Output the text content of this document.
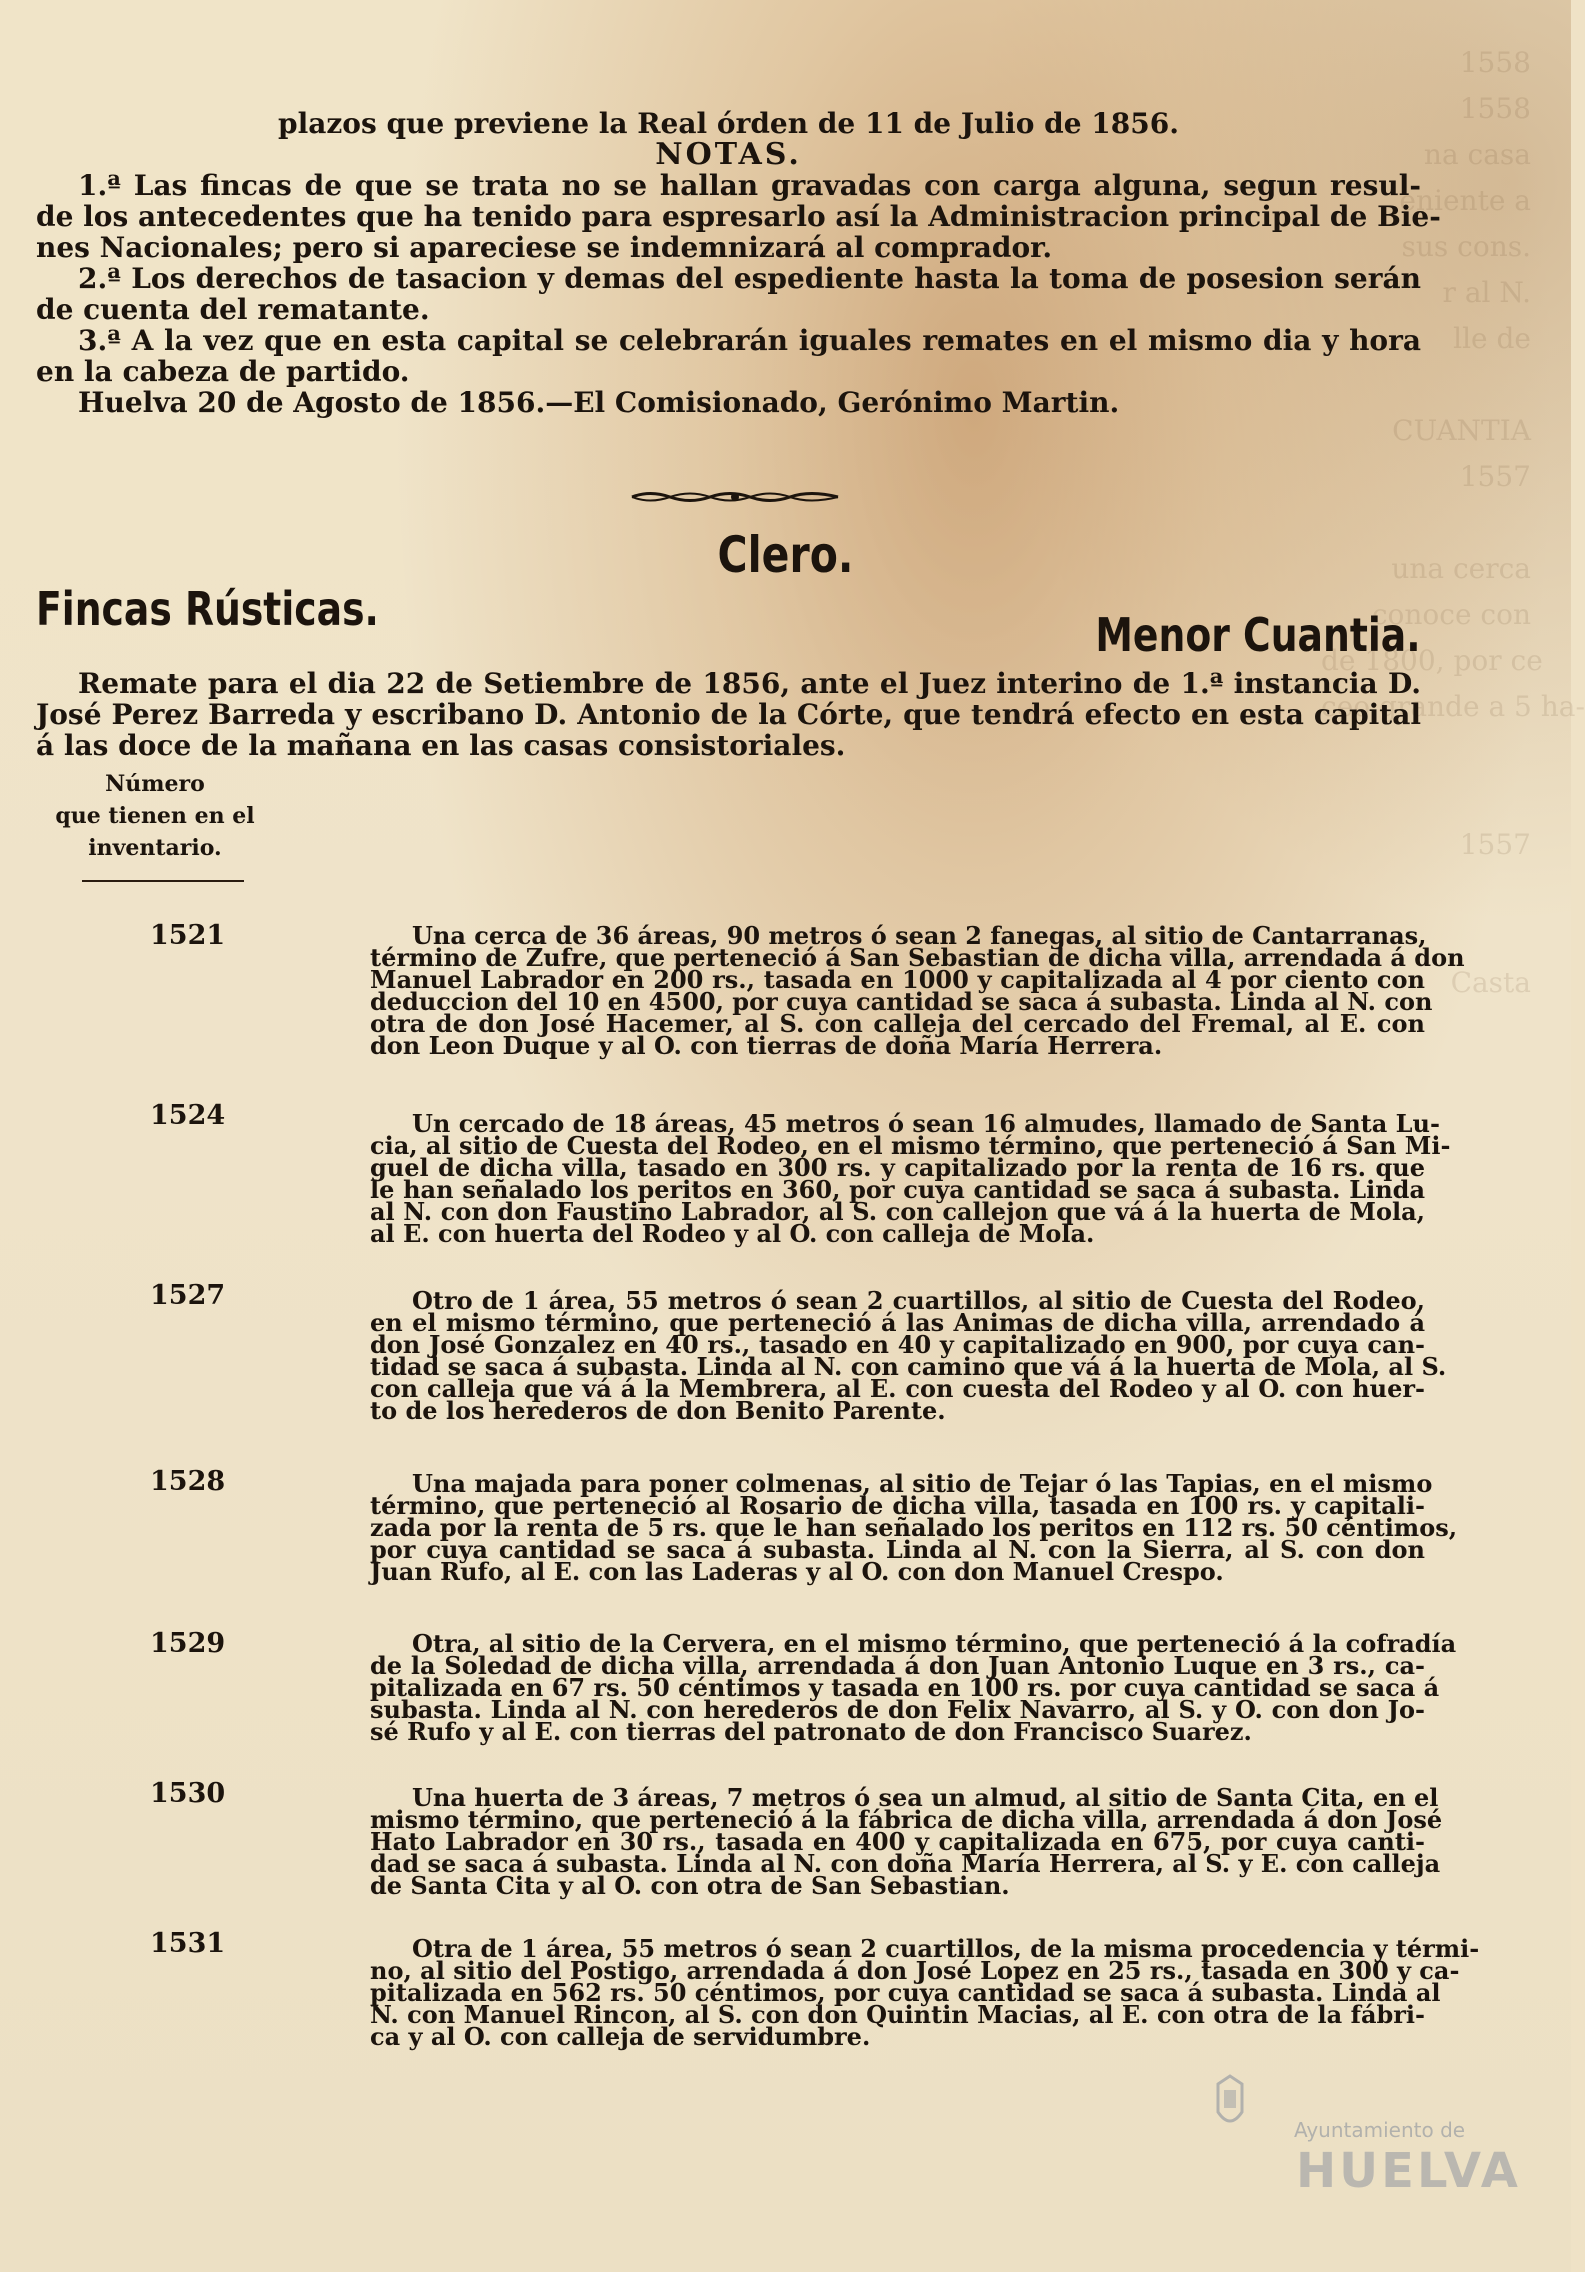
1558
1558
na casa
eniente a
sus cons.
r al N.
lle de

CUANTIA
1557

una cerca
conoce con
de 1800, por ce
ceo grande a 5 ha-

1557

Casta
plazos que previene la Real órden de 11 de Julio de 1856.
NOTAS.
1.ª Las fincas de que se trata no se hallan gravadas con carga alguna, segun resul-
de los antecedentes que ha tenido para espresarlo así la Administracion principal de Bie-
nes Nacionales; pero si apareciese se indemnizará al comprador.
2.ª Los derechos de tasacion y demas del espediente hasta la toma de posesion serán
de cuenta del rematante.
3.ª A la vez que en esta capital se celebrarán iguales remates en el mismo dia y hora
en la cabeza de partido.
Huelva 20 de Agosto de 1856.—El Comisionado, Gerónimo Martin.
Clero.
Fincas Rústicas.	Menor Cuantia.
Remate para el dia 22 de Setiembre de 1856, ante el Juez interino de 1.ª instancia D.
José Perez Barreda y escribano D. Antonio de la Córte, que tendrá efecto en esta capital
á las doce de la mañana en las casas consistoriales.
Número
que tienen en el
inventario.
1521	Una cerca de 36 áreas, 90 metros ó sean 2 fanegas, al sitio de Cantarranas,
término de Zufre, que perteneció á San Sebastian de dicha villa, arrendada á don
Manuel Labrador en 200 rs., tasada en 1000 y capitalizada al 4 por ciento con
deduccion del 10 en 4500, por cuya cantidad se saca á subasta. Linda al N. con
otra de don José Hacemer, al S. con calleja del cercado del Fremal, al E. con
don Leon Duque y al O. con tierras de doña María Herrera.
1524	Un cercado de 18 áreas, 45 metros ó sean 16 almudes, llamado de Santa Lu-
cia, al sitio de Cuesta del Rodeo, en el mismo término, que perteneció á San Mi-
guel de dicha villa, tasado en 300 rs. y capitalizado por la renta de 16 rs. que
le han señalado los peritos en 360, por cuya cantidad se saca á subasta. Linda
al N. con don Faustino Labrador, al S. con callejon que vá á la huerta de Mola,
al E. con huerta del Rodeo y al O. con calleja de Mola.
1527	Otro de 1 área, 55 metros ó sean 2 cuartillos, al sitio de Cuesta del Rodeo,
en el mismo término, que perteneció á las Animas de dicha villa, arrendado á
don José Gonzalez en 40 rs., tasado en 40 y capitalizado en 900, por cuya can-
tidad se saca á subasta. Linda al N. con camino que vá á la huerta de Mola, al S.
con calleja que vá á la Membrera, al E. con cuesta del Rodeo y al O. con huer-
to de los herederos de don Benito Parente.
1528	Una majada para poner colmenas, al sitio de Tejar ó las Tapias, en el mismo
término, que perteneció al Rosario de dicha villa, tasada en 100 rs. y capitali-
zada por la renta de 5 rs. que le han señalado los peritos en 112 rs. 50 céntimos,
por cuya cantidad se saca á subasta. Linda al N. con la Sierra, al S. con don
Juan Rufo, al E. con las Laderas y al O. con don Manuel Crespo.
1529	Otra, al sitio de la Cervera, en el mismo término, que perteneció á la cofradía
de la Soledad de dicha villa, arrendada á don Juan Antonio Luque en 3 rs., ca-
pitalizada en 67 rs. 50 céntimos y tasada en 100 rs. por cuya cantidad se saca á
subasta. Linda al N. con herederos de don Felix Navarro, al S. y O. con don Jo-
sé Rufo y al E. con tierras del patronato de don Francisco Suarez.
1530	Una huerta de 3 áreas, 7 metros ó sea un almud, al sitio de Santa Cita, en el
mismo término, que perteneció á la fábrica de dicha villa, arrendada á don José
Hato Labrador en 30 rs., tasada en 400 y capitalizada en 675, por cuya canti-
dad se saca á subasta. Linda al N. con doña María Herrera, al S. y E. con calleja
de Santa Cita y al O. con otra de San Sebastian.
1531	Otra de 1 área, 55 metros ó sean 2 cuartillos, de la misma procedencia y térmi-
no, al sitio del Postigo, arrendada á don José Lopez en 25 rs., tasada en 300 y ca-
pitalizada en 562 rs. 50 céntimos, por cuya cantidad se saca á subasta. Linda al
N. con Manuel Rincon, al S. con don Quintin Macias, al E. con otra de la fábri-
ca y al O. con calleja de servidumbre.
Ayuntamiento de
HUELVA
